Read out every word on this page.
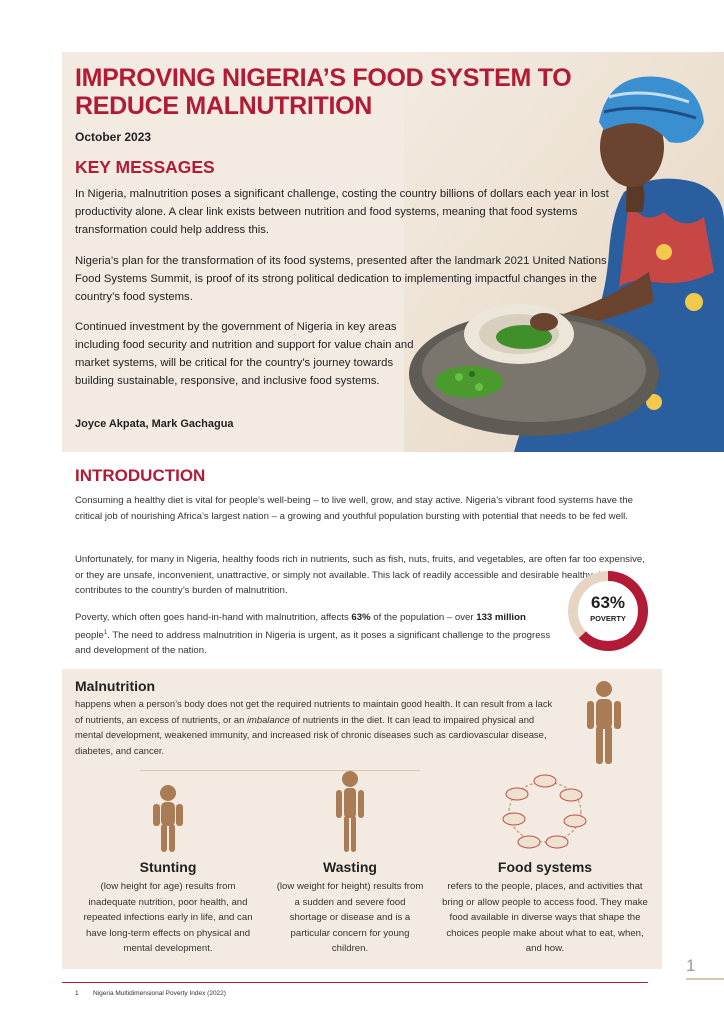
IMPROVING NIGERIA’S FOOD SYSTEM TO REDUCE MALNUTRITION
October 2023
KEY MESSAGES

In Nigeria, malnutrition poses a significant challenge, costing the country billions of dollars each year in lost productivity alone. A clear link exists between nutrition and food systems, meaning that food systems transformation could help address this.

Nigeria’s plan for the transformation of its food systems, presented after the landmark 2021 United Nations Food Systems Summit, is proof of its strong political dedication to implementing impactful changes in the country’s food systems.

Continued investment by the government of Nigeria in key areas including food security and nutrition and support for value chain and market systems, will be critical for the country’s journey towards building sustainable, responsive, and inclusive food systems.

Joyce Akpata, Mark Gachagua
INTRODUCTION

Consuming a healthy diet is vital for people’s well-being – to live well, grow, and stay active. Nigeria’s vibrant food systems have the critical job of nourishing Africa’s largest nation – a growing and youthful population bursting with potential that needs to be fed well.

Unfortunately, for many in Nigeria, healthy foods rich in nutrients, such as fish, nuts, fruits, and vegetables, are often far too expensive, or they are unsafe, inconvenient, unattractive, or simply not available. This lack of readily accessible and desirable healthy diets contributes to the country’s burden of malnutrition.

Poverty, which often goes hand-in-hand with malnutrition, affects 63% of the population – over 133 million people$^1$. The need to address malnutrition in Nigeria is urgent, as it poses a significant challenge to the progress and development of the nation.

63%
POVERTY
Malnutrition

happens when a person’s body does not get the required nutrients to maintain good health. It can result from a lack of nutrients, an excess of nutrients, or an imbalance of nutrients in the diet. It can lead to impaired physical and mental development, weakened immunity, and increased risk of chronic diseases such as cardiovascular disease, diabetes, and cancer.

Stunting

(low height for age) results from inadequate nutrition, poor health, and repeated infections early in life, and can have long-term effects on physical and mental development.

Wasting

(low weight for height) results from a sudden and severe food shortage or disease and is a particular concern for young children.

Food systems

refers to the people, places, and activities that bring or allow people to access food. They make food available in diverse ways that shape the choices people make about what to eat, when, and how.

1 Nigeria Multidimensional Poverty Index (2022)
1
